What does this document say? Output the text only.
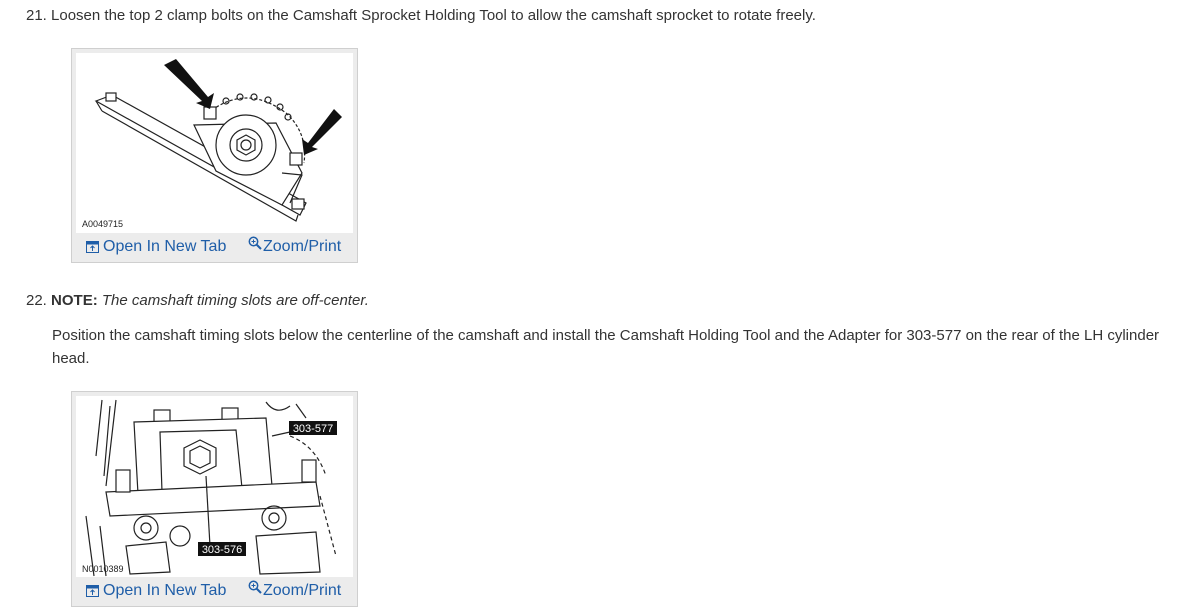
21. Loosen the top 2 clamp bolts on the Camshaft Sprocket Holding Tool to allow the camshaft sprocket to rotate freely.
A0049715
Open In New Tab	Zoom/Print
22. NOTE: The camshaft timing slots are off-center.
Position the camshaft timing slots below the centerline of the camshaft and install the Camshaft Holding Tool and the Adapter for 303-577 on the rear of the LH cylinder head.
303-577
303-576
N0010389
Open In New Tab	Zoom/Print
